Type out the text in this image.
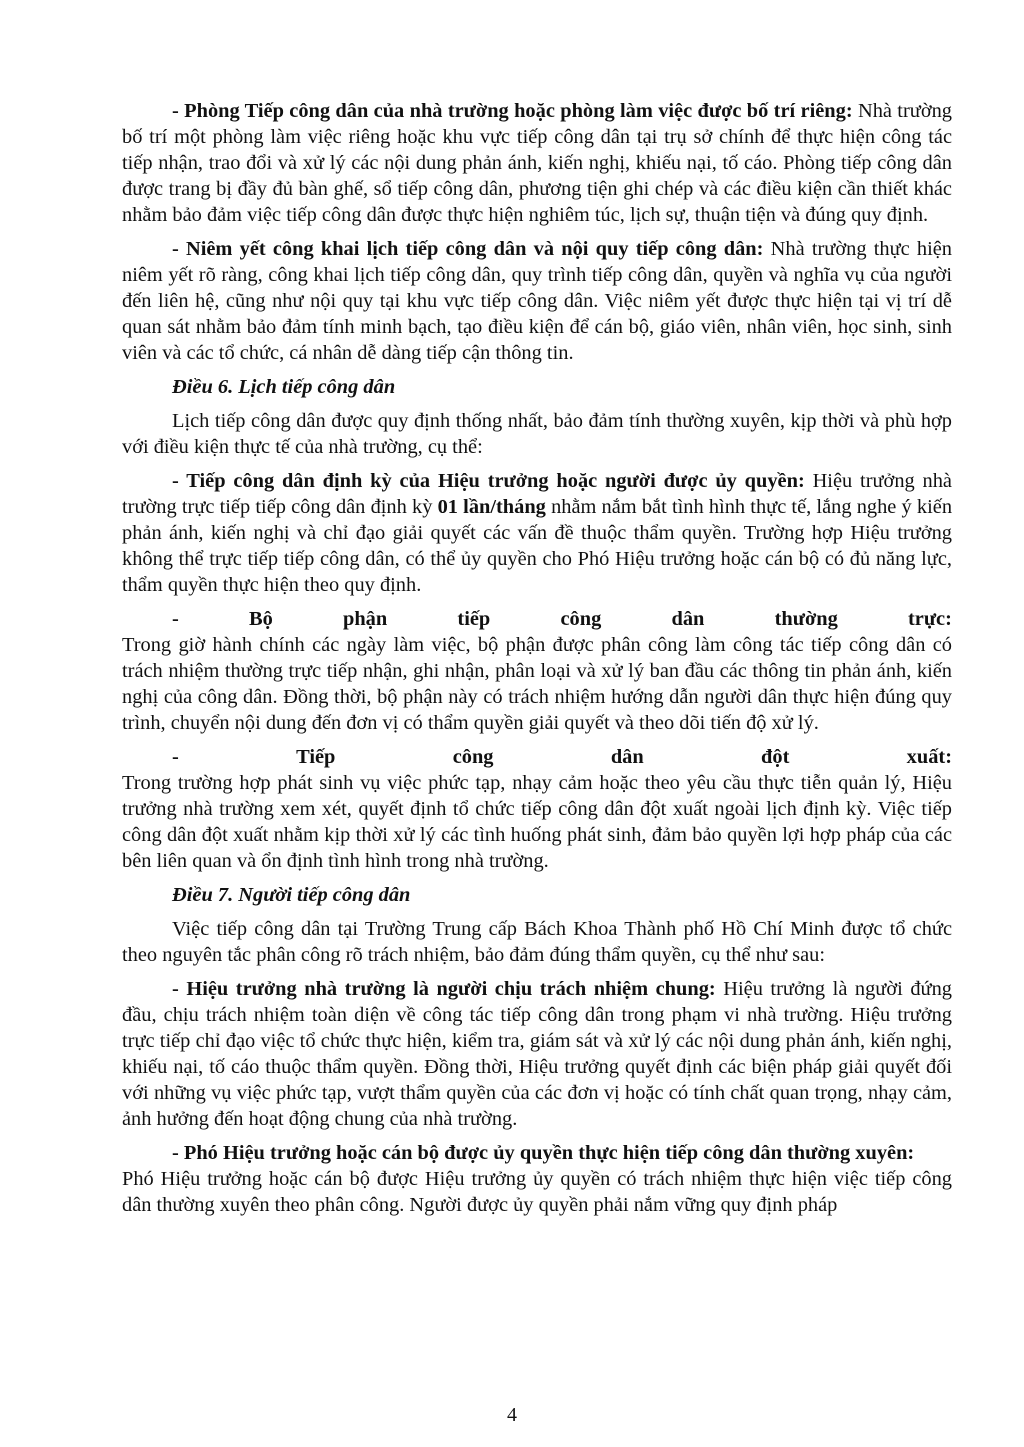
- Phòng Tiếp công dân của nhà trường hoặc phòng làm việc được bố trí riêng: Nhà trường bố trí một phòng làm việc riêng hoặc khu vực tiếp công dân tại trụ sở chính để thực hiện công tác tiếp nhận, trao đổi và xử lý các nội dung phản ánh, kiến nghị, khiếu nại, tố cáo. Phòng tiếp công dân được trang bị đầy đủ bàn ghế, sổ tiếp công dân, phương tiện ghi chép và các điều kiện cần thiết khác nhằm bảo đảm việc tiếp công dân được thực hiện nghiêm túc, lịch sự, thuận tiện và đúng quy định.

- Niêm yết công khai lịch tiếp công dân và nội quy tiếp công dân: Nhà trường thực hiện niêm yết rõ ràng, công khai lịch tiếp công dân, quy trình tiếp công dân, quyền và nghĩa vụ của người đến liên hệ, cũng như nội quy tại khu vực tiếp công dân. Việc niêm yết được thực hiện tại vị trí dễ quan sát nhằm bảo đảm tính minh bạch, tạo điều kiện để cán bộ, giáo viên, nhân viên, học sinh, sinh viên và các tổ chức, cá nhân dễ dàng tiếp cận thông tin.

Điều 6. Lịch tiếp công dân

Lịch tiếp công dân được quy định thống nhất, bảo đảm tính thường xuyên, kịp thời và phù hợp với điều kiện thực tế của nhà trường, cụ thể:

- Tiếp công dân định kỳ của Hiệu trưởng hoặc người được ủy quyền: Hiệu trưởng nhà trường trực tiếp tiếp công dân định kỳ 01 lần/tháng nhằm nắm bắt tình hình thực tế, lắng nghe ý kiến phản ánh, kiến nghị và chỉ đạo giải quyết các vấn đề thuộc thẩm quyền. Trường hợp Hiệu trưởng không thể trực tiếp tiếp công dân, có thể ủy quyền cho Phó Hiệu trưởng hoặc cán bộ có đủ năng lực, thẩm quyền thực hiện theo quy định.

-	Bộ	phận	tiếp	công	dân	thường	trực:
Trong giờ hành chính các ngày làm việc, bộ phận được phân công làm công tác tiếp công dân có trách nhiệm thường trực tiếp nhận, ghi nhận, phân loại và xử lý ban đầu các thông tin phản ánh, kiến nghị của công dân. Đồng thời, bộ phận này có trách nhiệm hướng dẫn người dân thực hiện đúng quy trình, chuyển nội dung đến đơn vị có thẩm quyền giải quyết và theo dõi tiến độ xử lý.
-	Tiếp	công	dân	đột	xuất:
Trong trường hợp phát sinh vụ việc phức tạp, nhạy cảm hoặc theo yêu cầu thực tiễn quản lý, Hiệu trưởng nhà trường xem xét, quyết định tổ chức tiếp công dân đột xuất ngoài lịch định kỳ. Việc tiếp công dân đột xuất nhằm kịp thời xử lý các tình huống phát sinh, đảm bảo quyền lợi hợp pháp của các bên liên quan và ổn định tình hình trong nhà trường.

Điều 7. Người tiếp công dân

Việc tiếp công dân tại Trường Trung cấp Bách Khoa Thành phố Hồ Chí Minh được tổ chức theo nguyên tắc phân công rõ trách nhiệm, bảo đảm đúng thẩm quyền, cụ thể như sau:

- Hiệu trưởng nhà trường là người chịu trách nhiệm chung: Hiệu trưởng là người đứng đầu, chịu trách nhiệm toàn diện về công tác tiếp công dân trong phạm vi nhà trường. Hiệu trưởng trực tiếp chỉ đạo việc tổ chức thực hiện, kiểm tra, giám sát và xử lý các nội dung phản ánh, kiến nghị, khiếu nại, tố cáo thuộc thẩm quyền. Đồng thời, Hiệu trưởng quyết định các biện pháp giải quyết đối với những vụ việc phức tạp, vượt thẩm quyền của các đơn vị hoặc có tính chất quan trọng, nhạy cảm, ảnh hưởng đến hoạt động chung của nhà trường.

- Phó Hiệu trưởng hoặc cán bộ được ủy quyền thực hiện tiếp công dân thường xuyên:
Phó Hiệu trưởng hoặc cán bộ được Hiệu trưởng ủy quyền có trách nhiệm thực hiện việc tiếp công dân thường xuyên theo phân công. Người được ủy quyền phải nắm vững quy định pháp
4
